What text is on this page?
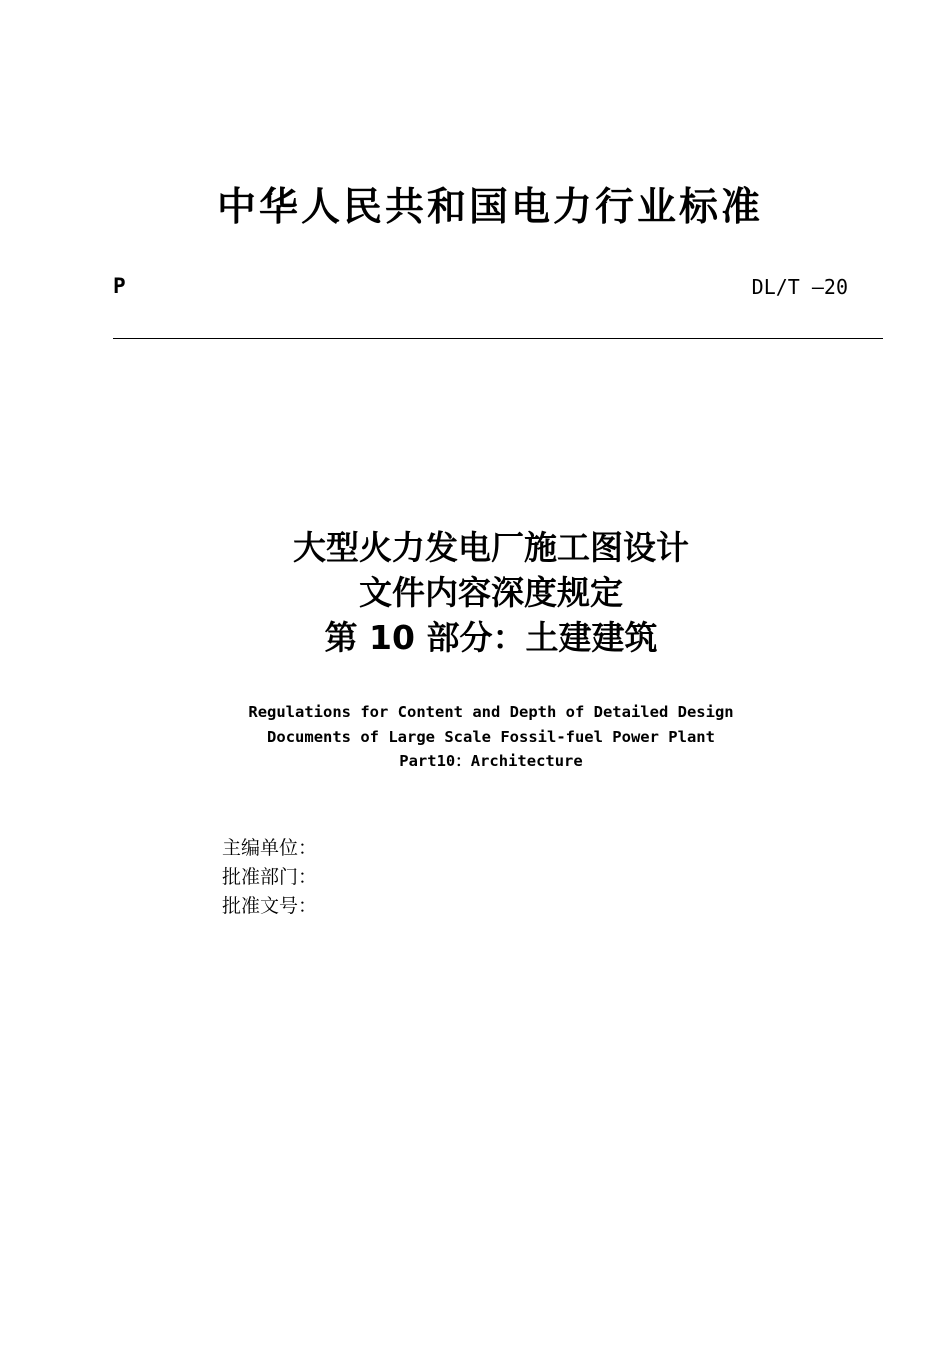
中华人民共和国电力行业标准
P	DL/T —20
大型火力发电厂施工图设计
文件内容深度规定
第 10 部分：土建建筑
Regulations for Content and Depth of Detailed Design
Documents of Large Scale Fossil-fuel Power Plant
Part10：Architecture
主编单位：
批准部门：
批准文号：
